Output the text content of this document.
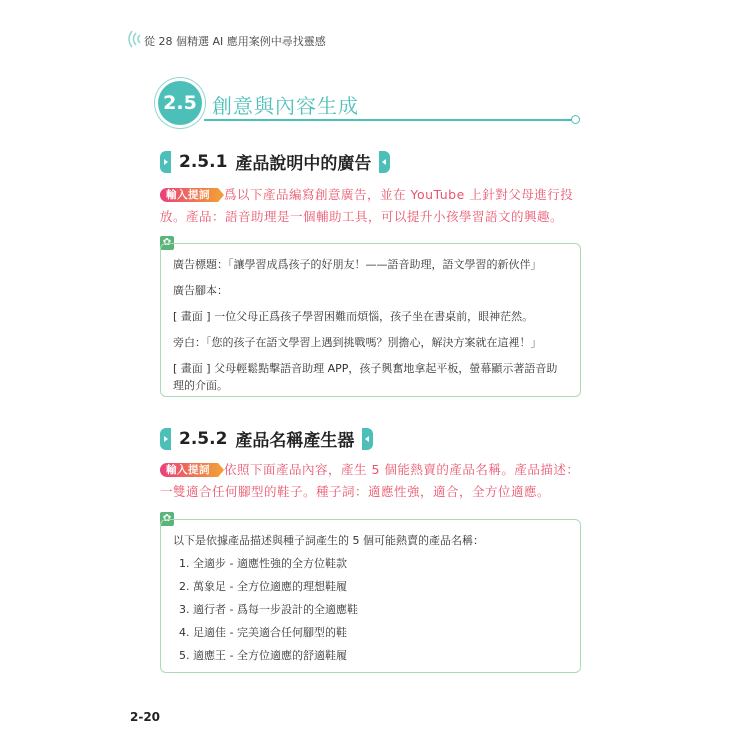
從 28 個精選 AI 應用案例中尋找靈感
2.5 創意與內容生成
2.5.1 產品說明中的廣告
輸入提詞 爲以下產品編寫創意廣告，並在 YouTube 上針對父母進行投放。產品：語音助理是一個輔助工具，可以提升小孩學習語文的興趣。
✿

廣告標題：「讓學習成爲孩子的好朋友！——語音助理，語文學習的新伙伴」

廣告腳本：

[ 畫面 ] 一位父母正爲孩子學習困難而煩惱，孩子坐在書桌前，眼神茫然。

旁白：「您的孩子在語文學習上遇到挑戰嗎？別擔心，解決方案就在這裡！」

[ 畫面 ] 父母輕鬆點擊語音助理 APP，孩子興奮地拿起平板，螢幕顯示著語音助理的介面。

2.5.2 產品名稱產生器
輸入提詞 依照下面產品內容，產生 5 個能熱賣的產品名稱。產品描述：一雙適合任何腳型的鞋子。種子詞：適應性強，適合，全方位適應。
✿

以下是依據產品描述與種子詞產生的 5 個可能熱賣的產品名稱：

1. 全適步 - 適應性強的全方位鞋款
2. 萬象足 - 全方位適應的理想鞋履
3. 適行者 - 爲每一步設計的全適應鞋
4. 足適佳 - 完美適合任何腳型的鞋
5. 適應王 - 全方位適應的舒適鞋履
2-20
